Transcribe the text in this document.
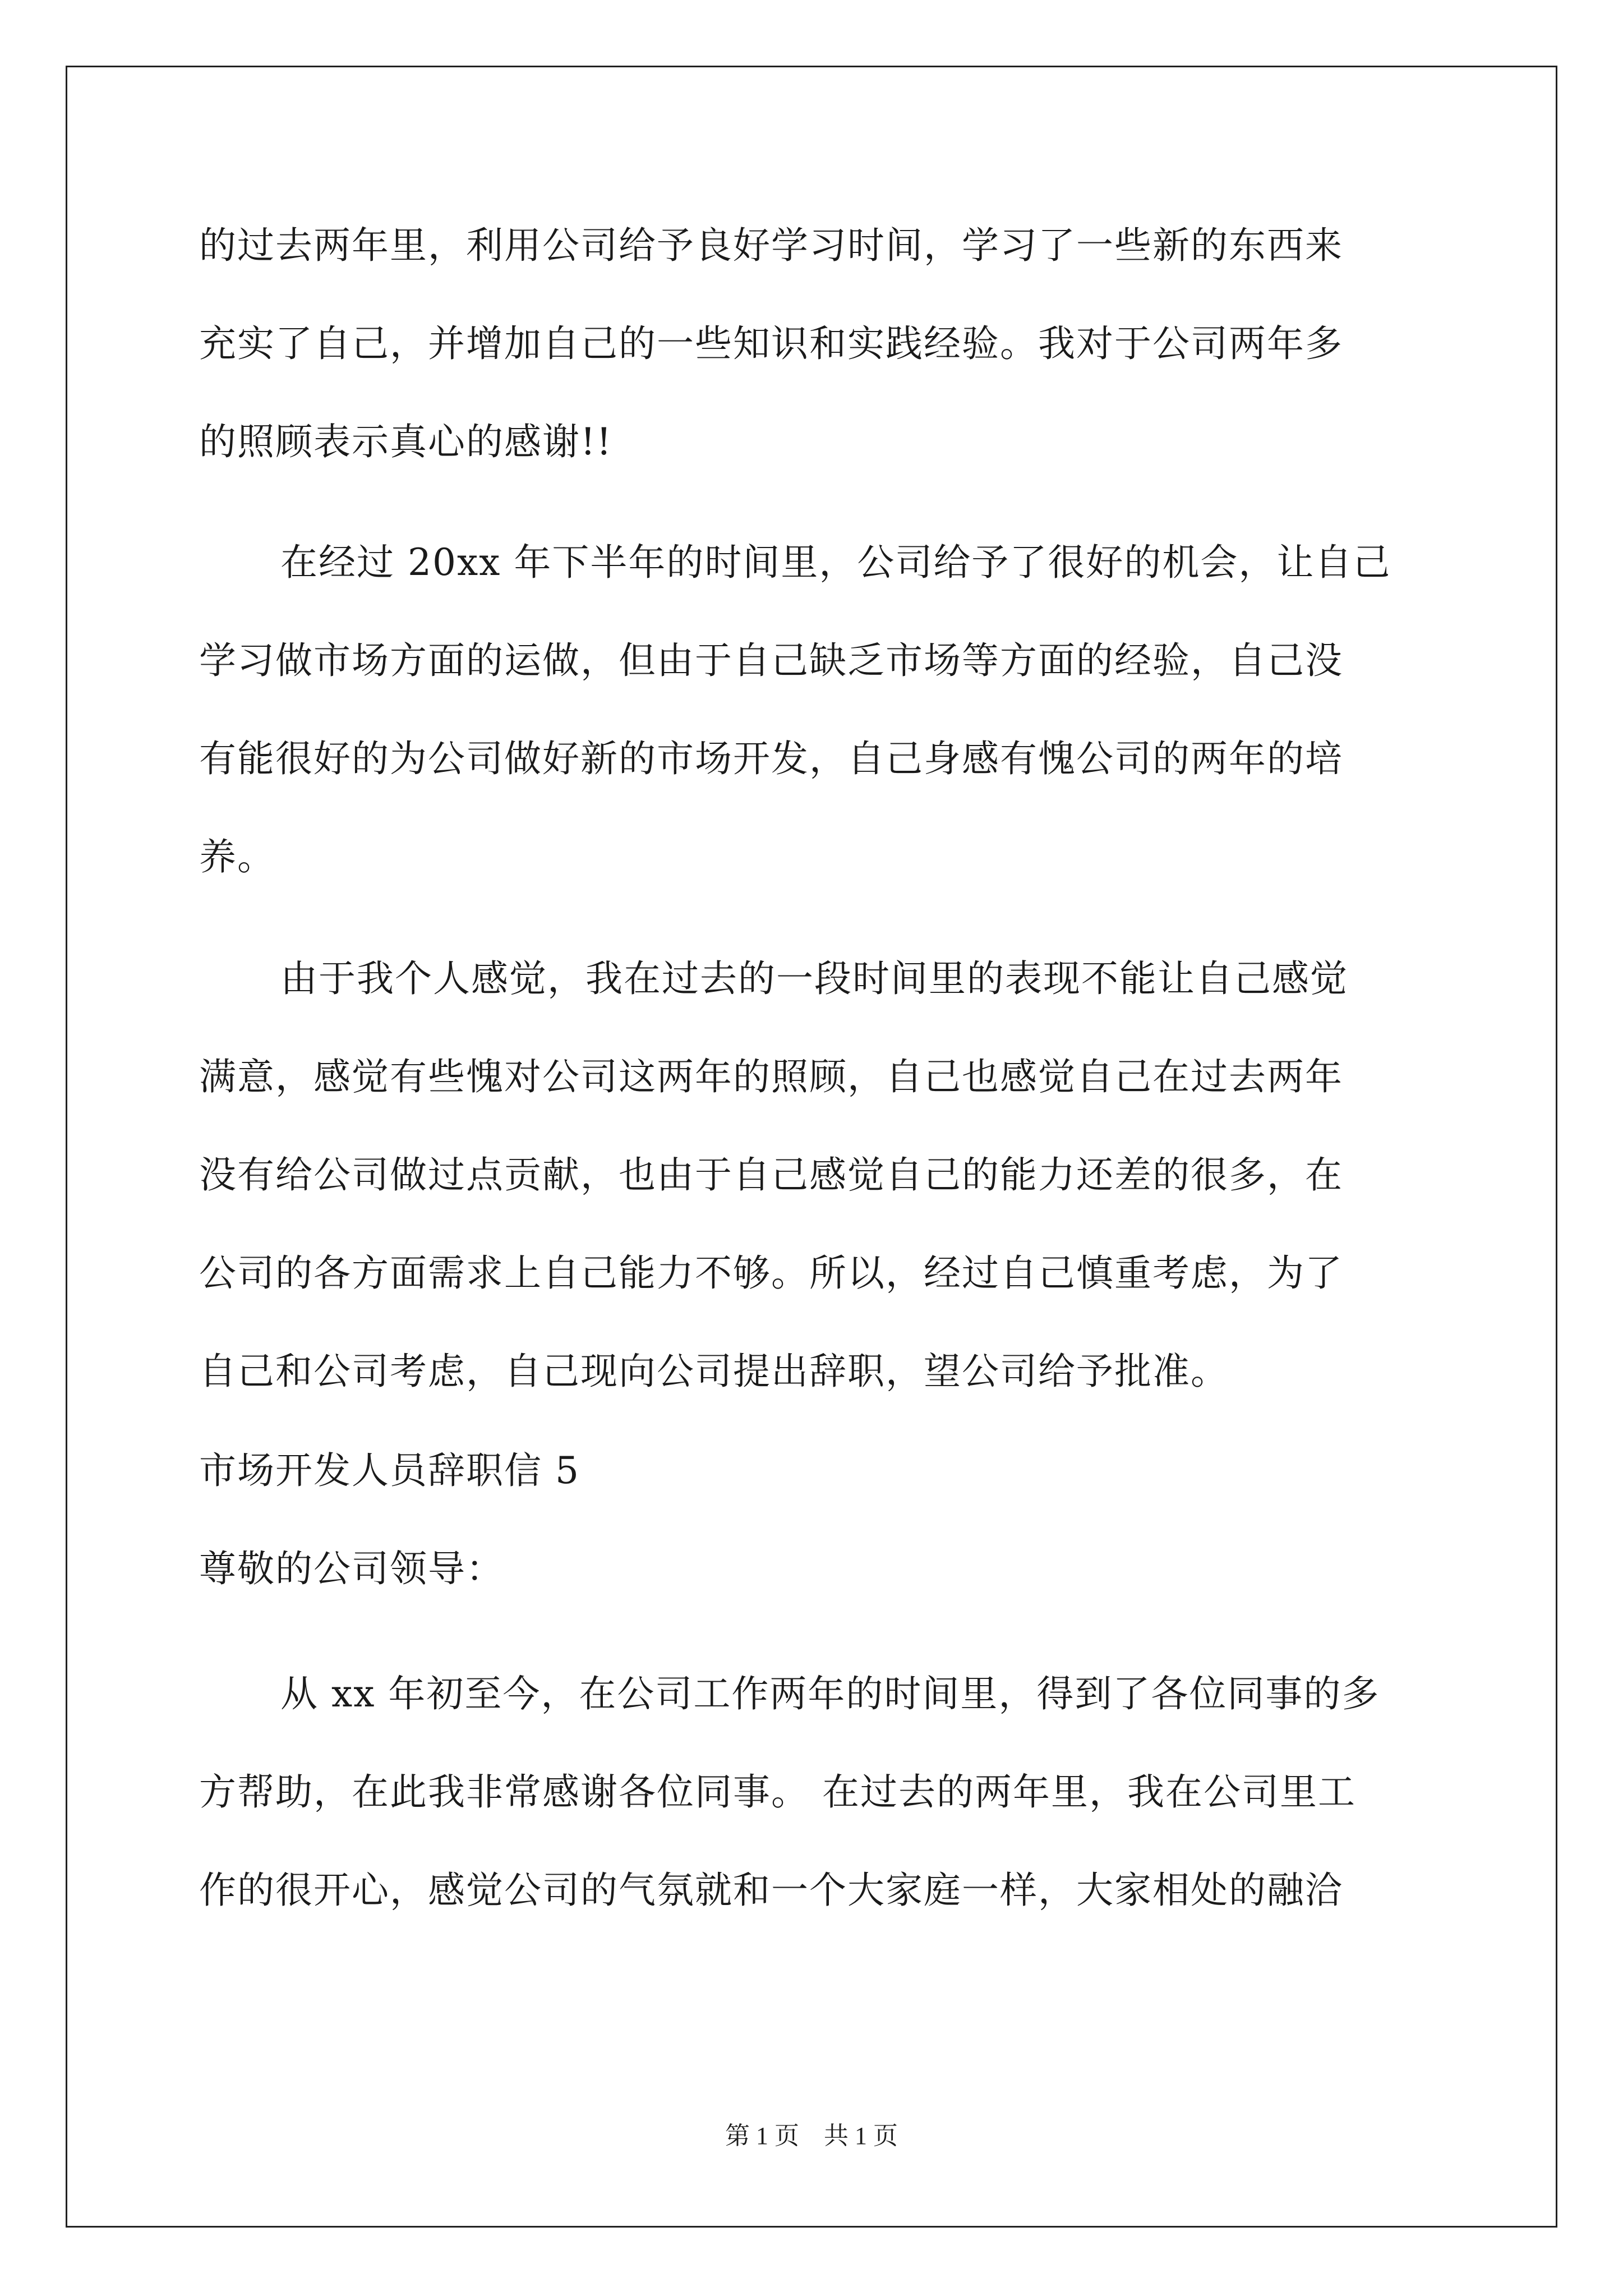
的过去两年里，利用公司给予良好学习时间，学习了一些新的东西来
充实了自己，并增加自己的一些知识和实践经验。我对于公司两年多
的照顾表示真心的感谢!!
在经过 20xx 年下半年的时间里，公司给予了很好的机会，让自己
学习做市场方面的运做，但由于自己缺乏市场等方面的经验，自己没
有能很好的为公司做好新的市场开发，自己身感有愧公司的两年的培
养。
由于我个人感觉，我在过去的一段时间里的表现不能让自己感觉
满意，感觉有些愧对公司这两年的照顾，自己也感觉自己在过去两年
没有给公司做过点贡献，也由于自己感觉自己的能力还差的很多，在
公司的各方面需求上自己能力不够。所以，经过自己慎重考虑，为了
自己和公司考虑，自己现向公司提出辞职，望公司给予批准。
市场开发人员辞职信 5
尊敬的公司领导：
从 xx 年初至今，在公司工作两年的时间里，得到了各位同事的多
方帮助，在此我非常感谢各位同事。 在过去的两年里，我在公司里工
作的很开心，感觉公司的气氛就和一个大家庭一样，大家相处的融洽
第 1 页　共 1 页
